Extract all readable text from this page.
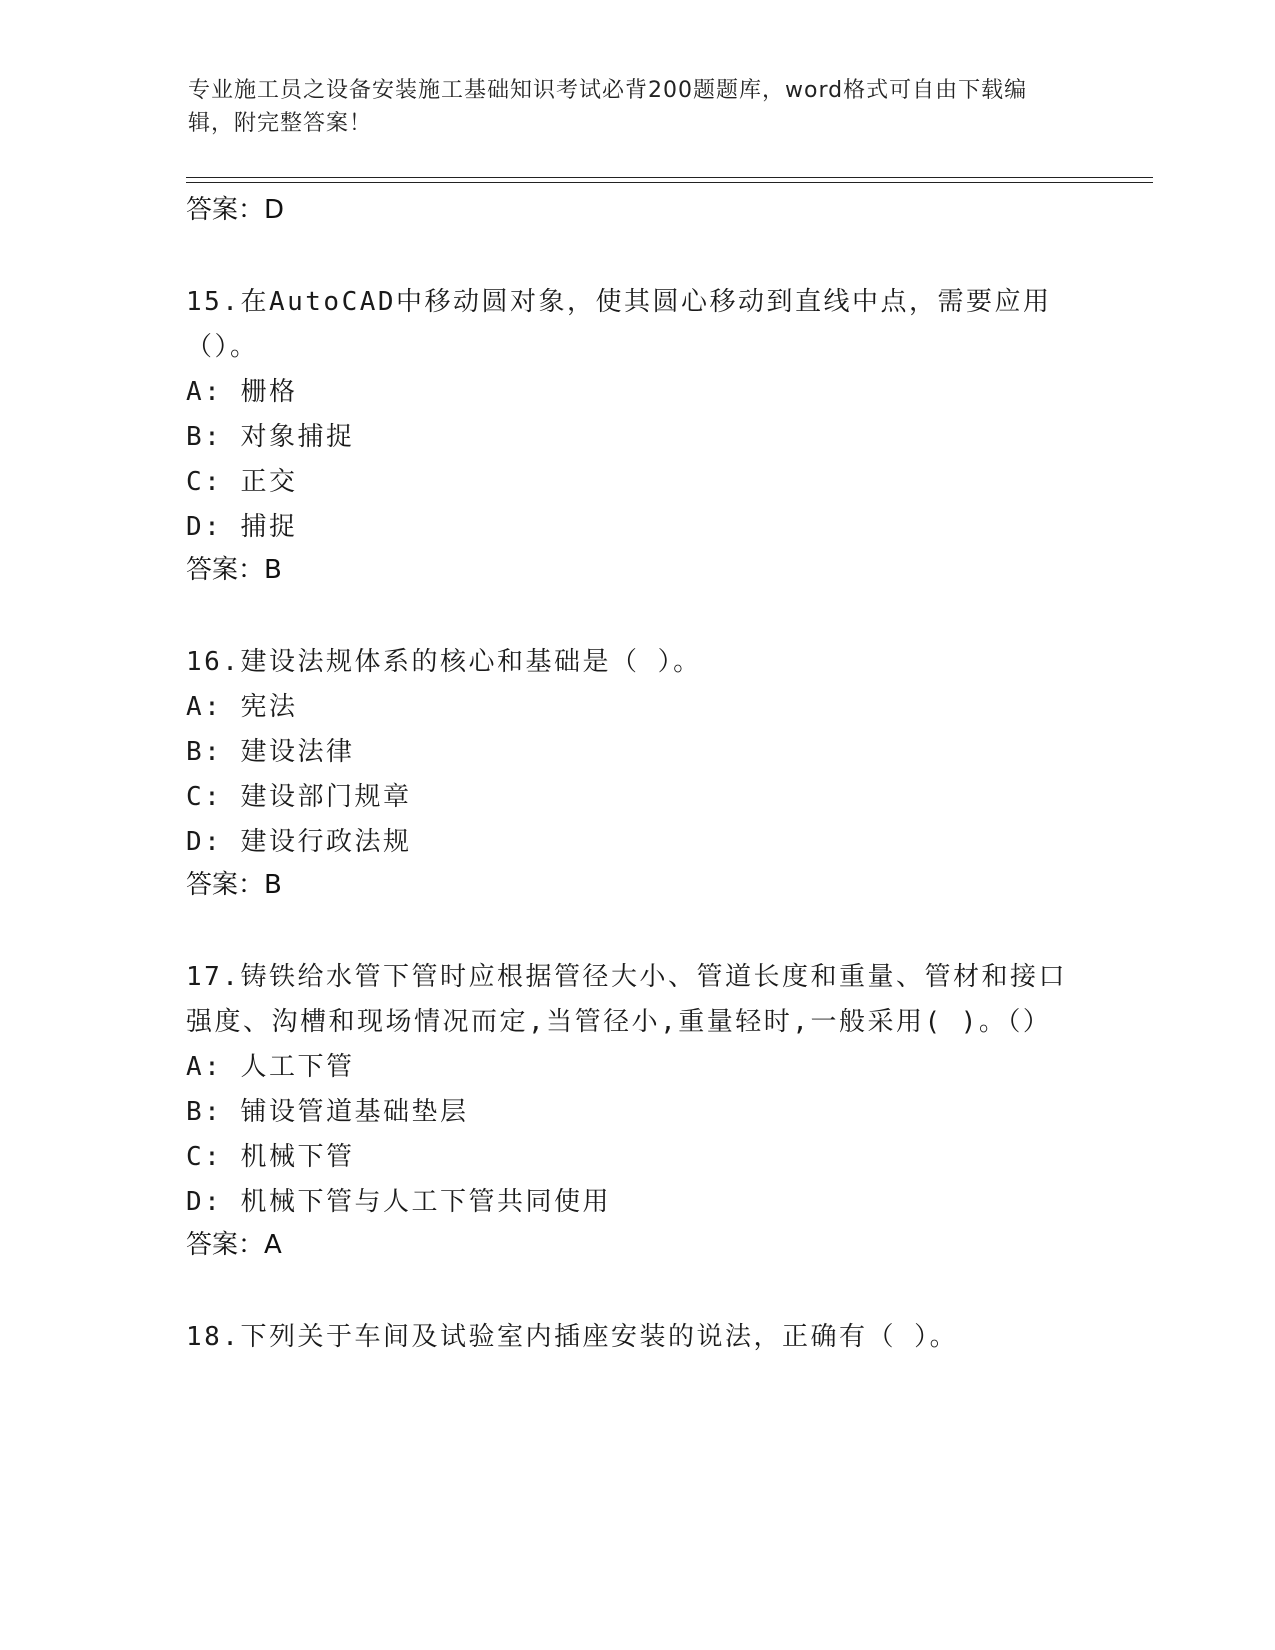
专业施工员之设备安装施工基础知识考试必背200题题库，word格式可自由下载编辑，附完整答案！
答案：D
15.在AutoCAD中移动圆对象，使其圆心移动到直线中点，需要应用（）。
A: 栅格
B: 对象捕捉
C: 正交
D: 捕捉
答案：B
16.建设法规体系的核心和基础是（ ）。
A: 宪法
B: 建设法律
C: 建设部门规章
D: 建设行政法规
答案：B
17.铸铁给水管下管时应根据管径大小、管道长度和重量、管材和接口强度、沟槽和现场情况而定,当管径小,重量轻时,一般采用( )。（）
A: 人工下管
B: 铺设管道基础垫层
C: 机械下管
D: 机械下管与人工下管共同使用
答案：A
18.下列关于车间及试验室内插座安装的说法，正确有（ ）。
